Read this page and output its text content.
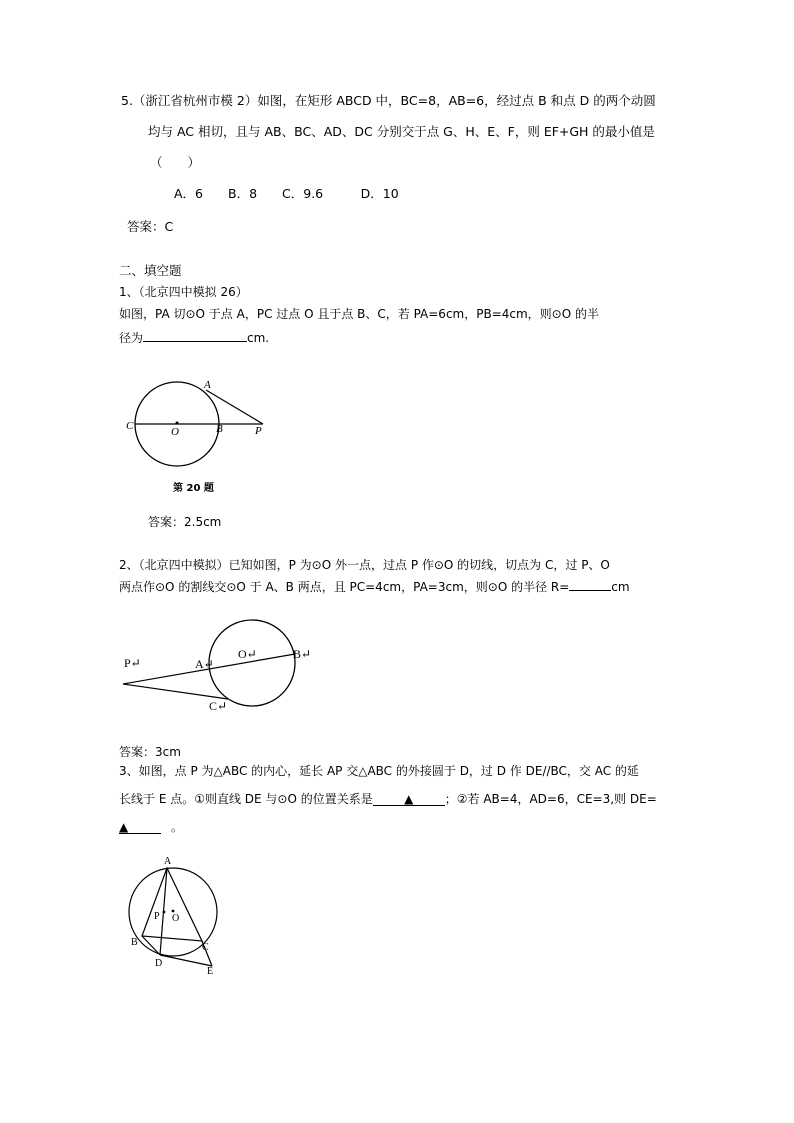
5.（浙江省杭州市模 2）如图，在矩形 ABCD 中，BC=8，AB=6，经过点 B 和点 D 的两个动圆
均与 AC 相切，且与 AB、BC、AD、DC 分别交于点 G、H、E、F，则 EF+GH 的最小值是
（　　）
A．6　　B．8　　C．9.6　　　D．10
答案：C
二、填空题
1、（北京四中模拟 26）
如图，PA 切⊙O 于点 A，PC 过点 O 且于点 B、C，若 PA=6cm，PB=4cm，则⊙O 的半
径为	cm.
A
C	O	B	P
第 20 题
答案：2.5cm
2、（北京四中模拟）已知如图，P 为⊙O 外一点，过点 P 作⊙O 的切线，切点为 C，过 P、O
两点作⊙O 的割线交⊙O 于 A、B 两点，且 PC=4cm，PA=3cm，则⊙O 的半径 R=	cm
P↵	A↵
O↵	B↵
C↵
答案：3cm
3、如图，点 P 为△ABC 的内心，延长 AP 交△ABC 的外接圆于 D，过 D 作 DE//BC，交 AC 的延
长线于 E 点。①则直线 DE 与⊙O 的位置关系是	▲	；②若 AB=4，AD=6，CE=3,则 DE=
▲	。
A
P O
B	C
D
E
